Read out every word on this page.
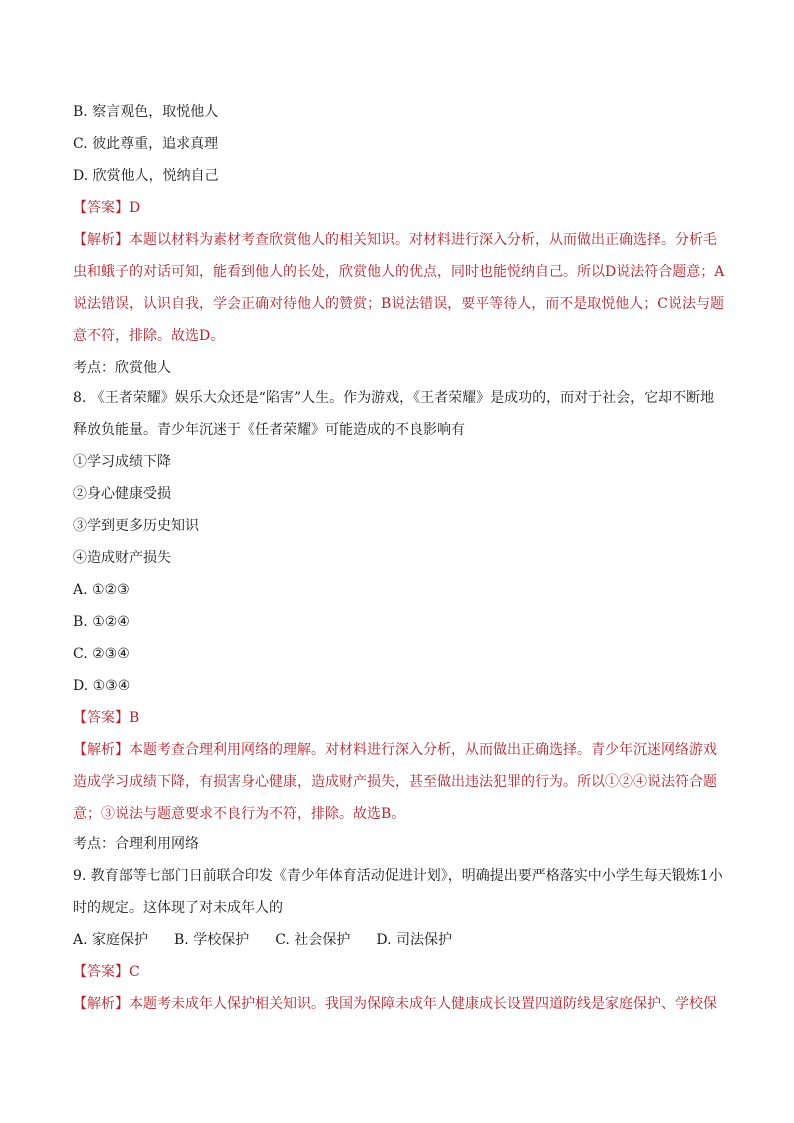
B. 察言观色，取悦他人
C. 彼此尊重，追求真理
D. 欣赏他人，悦纳自己
【答案】D
【解析】本题以材料为素材考查欣赏他人的相关知识。对材料进行深入分析，从而做出正确选择。分析毛
虫和蛾子的对话可知，能看到他人的长处，欣赏他人的优点，同时也能悦纳自己。所以D说法符合题意；A
说法错误，认识自我，学会正确对待他人的赞赏；B说法错误，要平等待人，而不是取悦他人；C说法与题
意不符，排除。故选D。
考点：欣赏他人
8. 《王者荣耀》娱乐大众还是“陷害”人生。作为游戏，《王者荣耀》是成功的，而对于社会，它却不断地
释放负能量。青少年沉迷于《任者荣耀》可能造成的不良影响有
①学习成绩下降
②身心健康受损
③学到更多历史知识
④造成财产损失
A. ①②③
B. ①②④
C. ②③④
D. ①③④
【答案】B
【解析】本题考查合理利用网络的理解。对材料进行深入分析，从而做出正确选择。青少年沉迷网络游戏
造成学习成绩下降，有损害身心健康，造成财产损失，甚至做出违法犯罪的行为。所以①②④说法符合题
意；③说法与题意要求不良行为不符，排除。故选B。
考点：合理利用网络
9. 教育部等七部门日前联合印发《青少年体育活动促进计划》，明确提出要严格落实中小学生每天锻炼1小
时的规定。这体现了对未成年人的
A. 家庭保护 B. 学校保护 C. 社会保护 D. 司法保护
【答案】C
【解析】本题考未成年人保护相关知识。我国为保障未成年人健康成长设置四道防线是家庭保护、学校保
